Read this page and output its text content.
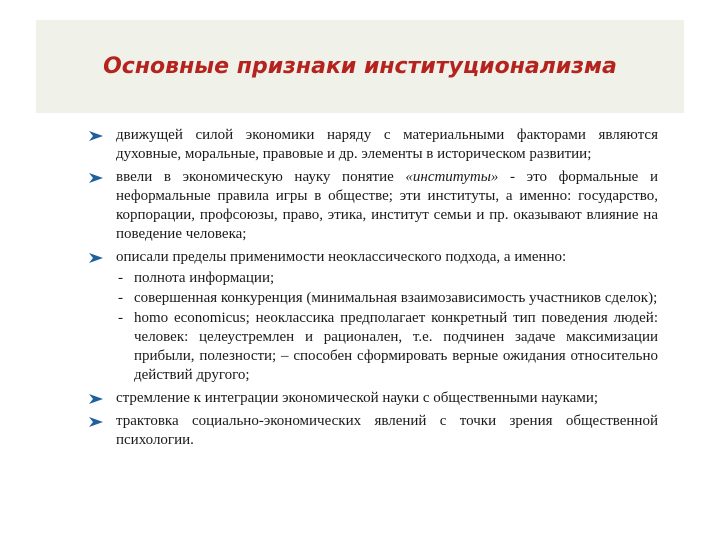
Основные признаки институционализма
движущей силой экономики наряду с материальными факторами являются духовные, моральные, правовые и др. элементы в историческом развитии;
ввели в экономическую науку понятие «институты» - это формальные и неформальные правила игры в обществе; эти институты, а именно: государство, корпорации, профсоюзы, право, этика, институт семьи и пр. оказывают влияние на поведение человека;
описали пределы применимости неоклассического подхода, а именно:
- полнота информации;
- совершенная конкуренция (минимальная взаимозависимость участников сделок);
- homo economicus; неоклассика предполагает конкретный тип поведения людей: человек: целеустремлен и рационален, т.е. подчинен задаче максимизации прибыли, полезности; – способен сформировать верные ожидания относительно действий другого;
стремление к интеграции экономической науки с общественными науками;
трактовка социально-экономических явлений с точки зрения общественной психологии.
